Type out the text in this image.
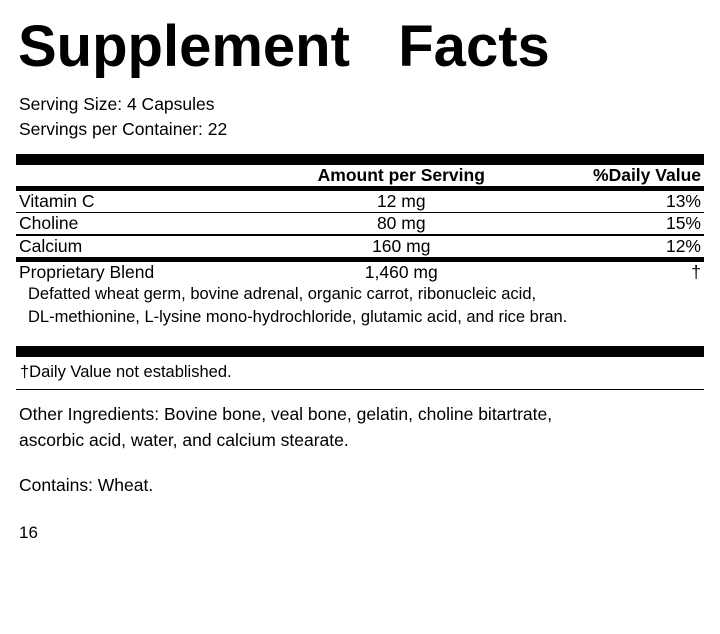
Supplement   Facts
Serving Size: 4 Capsules
Servings per Container: 22
	Amount per Serving	%Daily Value
Vitamin C	12 mg	13%
Choline	80 mg	15%
Calcium	160 mg	12%
Proprietary Blend	1,460 mg	†
Defatted wheat germ, bovine adrenal, organic carrot, ribonucleic acid,
DL-methionine, L-lysine mono-hydrochloride, glutamic acid, and rice bran.
†Daily Value not established.
Other Ingredients: Bovine bone, veal bone, gelatin, choline bitartrate,
ascorbic acid, water, and calcium stearate.
Contains: Wheat.
16
